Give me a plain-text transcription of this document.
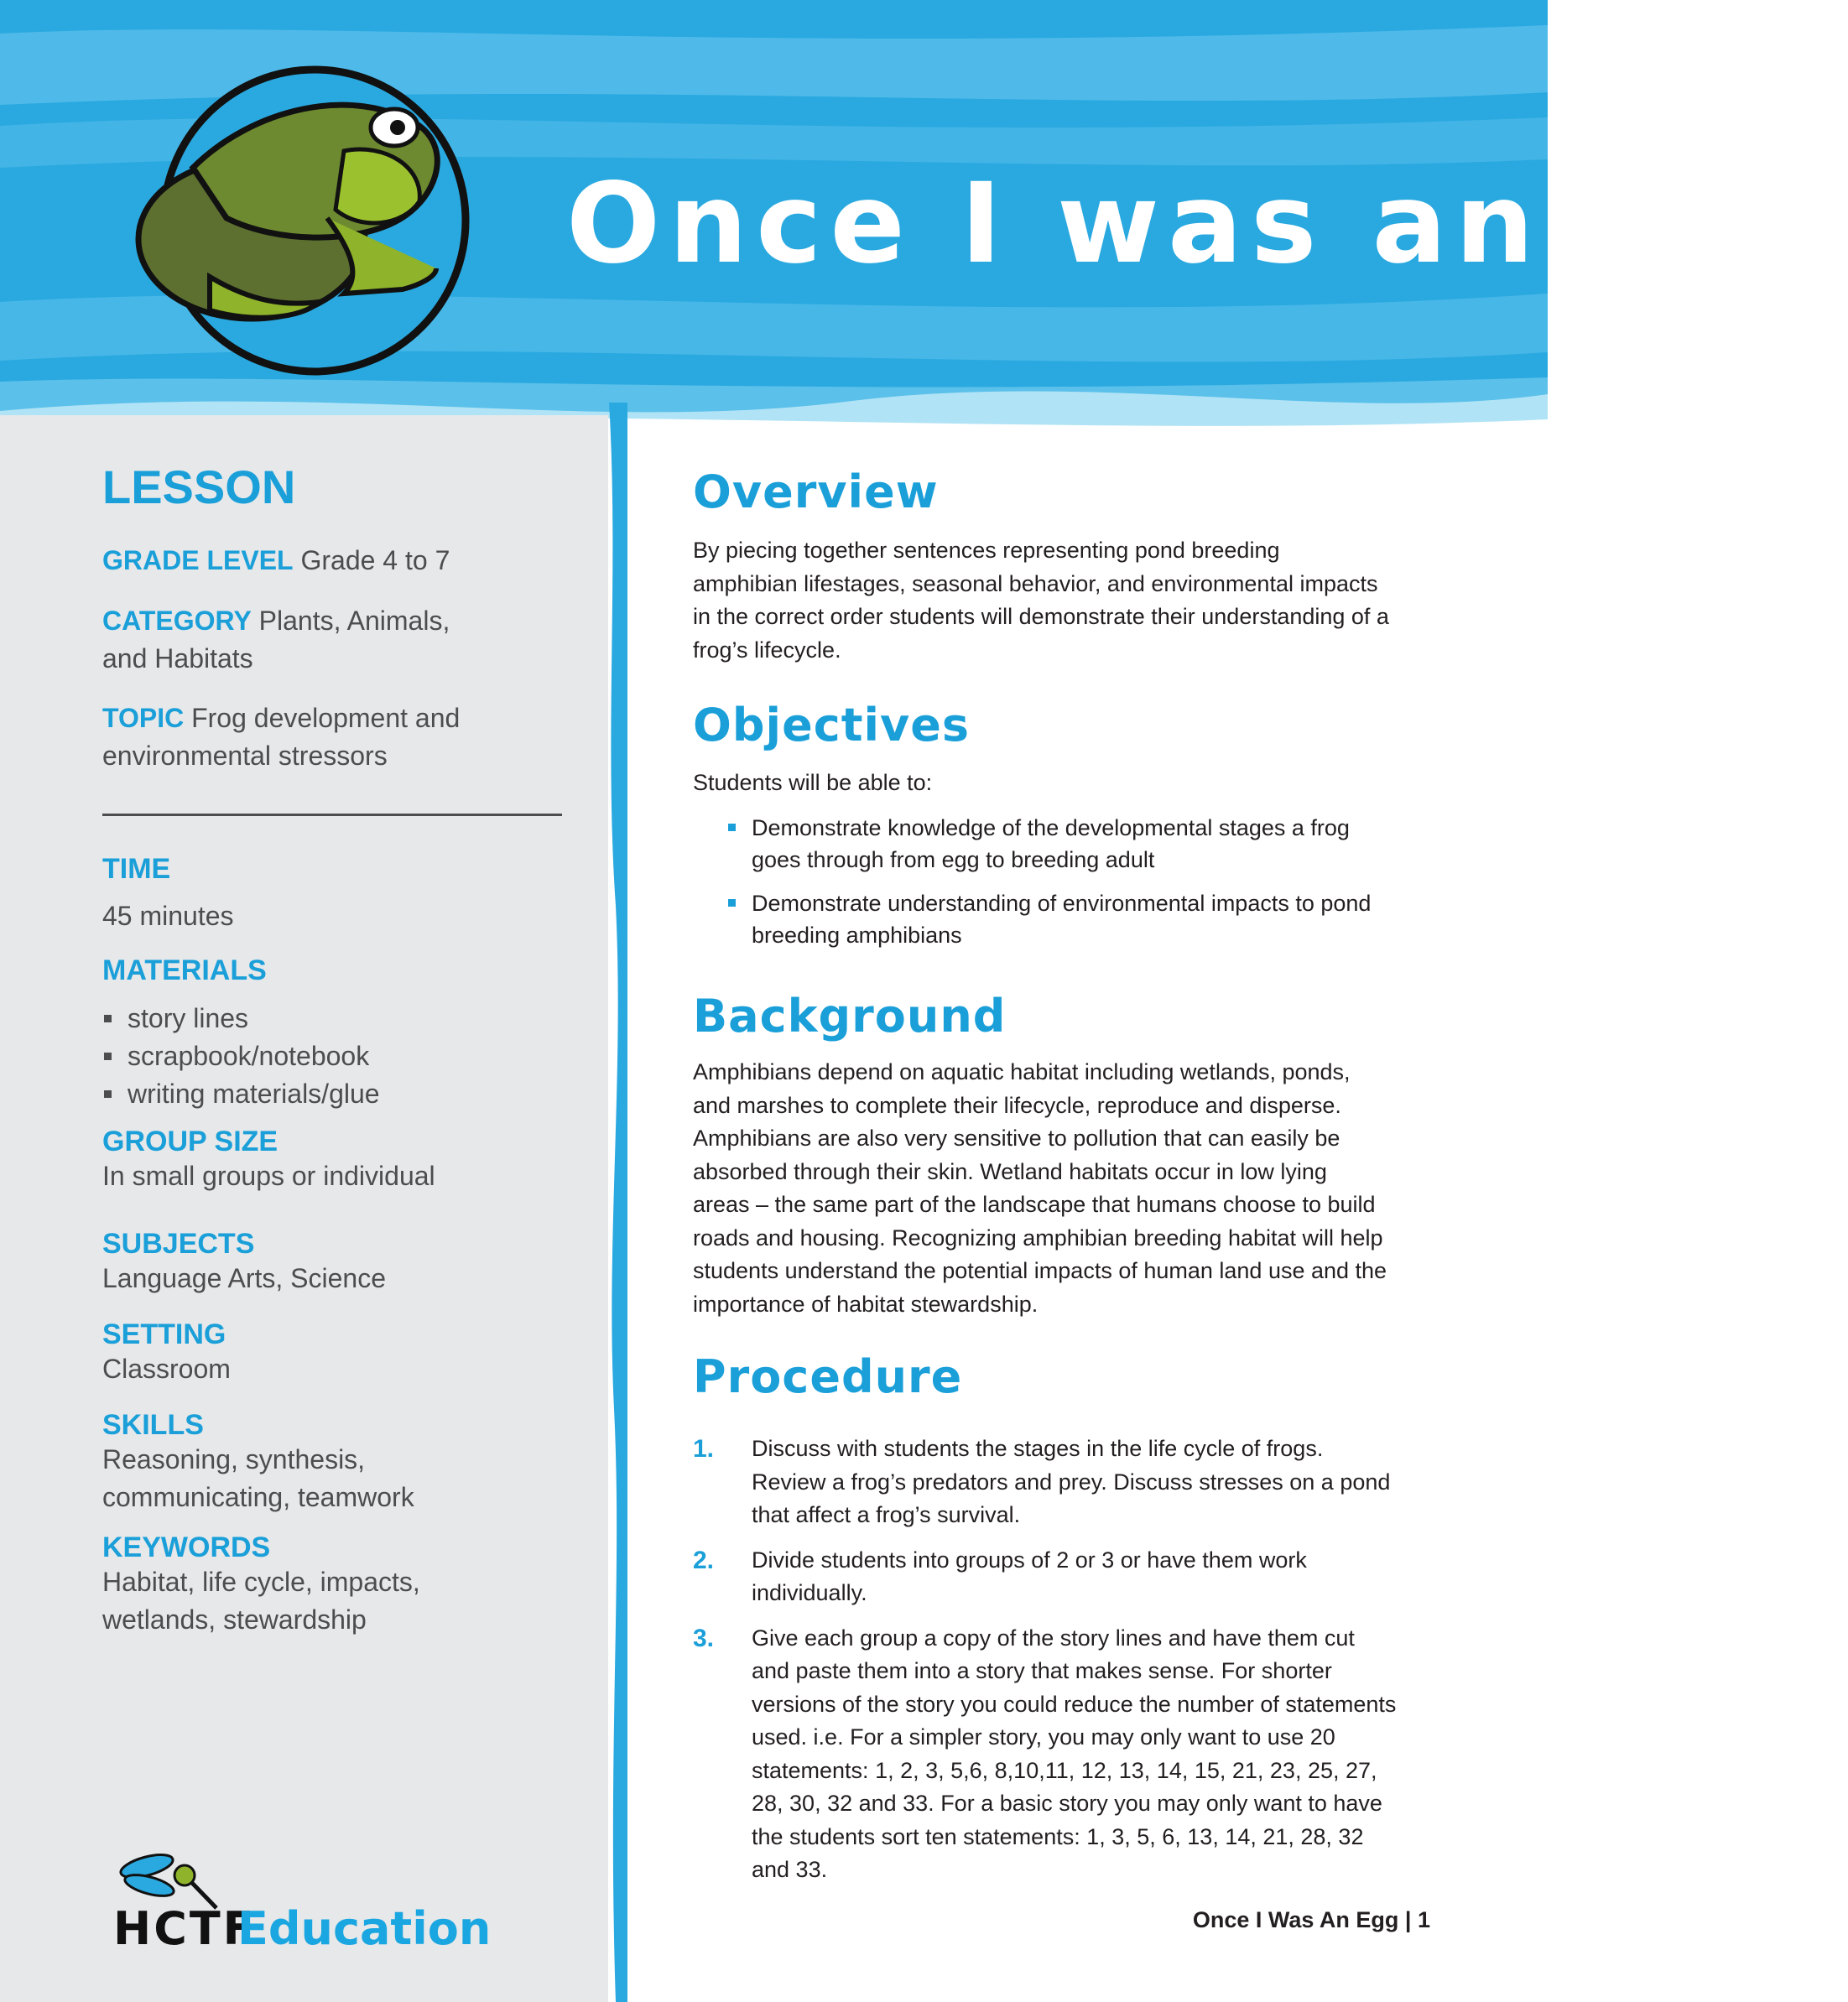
Once I was an egg
LESSON
GRADE LEVEL Grade 4 to 7
CATEGORY Plants, Animals, and Habitats
TOPIC Frog development and environmental stressors
TIME
45 minutes
MATERIALS
story lines
scrapbook/notebook
writing materials/glue
GROUP SIZE
In small groups or individual
SUBJECTS
Language Arts, Science
SETTING
Classroom
SKILLS
Reasoning, synthesis, communicating, teamwork
KEYWORDS
Habitat, life cycle, impacts, wetlands, stewardship
HCTF
Education
Overview
By piecing together sentences representing pond breeding amphibian lifestages, seasonal behavior, and environmental impacts in the correct order students will demonstrate their understanding of a frog’s lifecycle.
Objectives
Students will be able to:
Demonstrate knowledge of the developmental stages a frog goes through from egg to breeding adult
Demonstrate understanding of environmental impacts to pond breeding amphibians
Background
Amphibians depend on aquatic habitat including wetlands, ponds, and marshes to complete their lifecycle, reproduce and disperse. Amphibians are also very sensitive to pollution that can easily be absorbed through their skin. Wetland habitats occur in low lying areas – the same part of the landscape that humans choose to build roads and housing. Recognizing amphibian breeding habitat will help students understand the potential impacts of human land use and the importance of habitat stewardship.
Procedure
1. Discuss with students the stages in the life cycle of frogs. Review a frog’s predators and prey. Discuss stresses on a pond that affect a frog’s survival.
2. Divide students into groups of 2 or 3 or have them work individually.
3. Give each group a copy of the story lines and have them cut and paste them into a story that makes sense. For shorter versions of the story you could reduce the number of statements used. i.e. For a simpler story, you may only want to use 20 statements: 1, 2, 3, 5,6, 8,10,11, 12, 13, 14, 15, 21, 23, 25, 27, 28, 30, 32 and 33. For a basic story you may only want to have the students sort ten statements: 1, 3, 5, 6, 13, 14, 21, 28, 32 and 33.
Once I Was An Egg | 1
